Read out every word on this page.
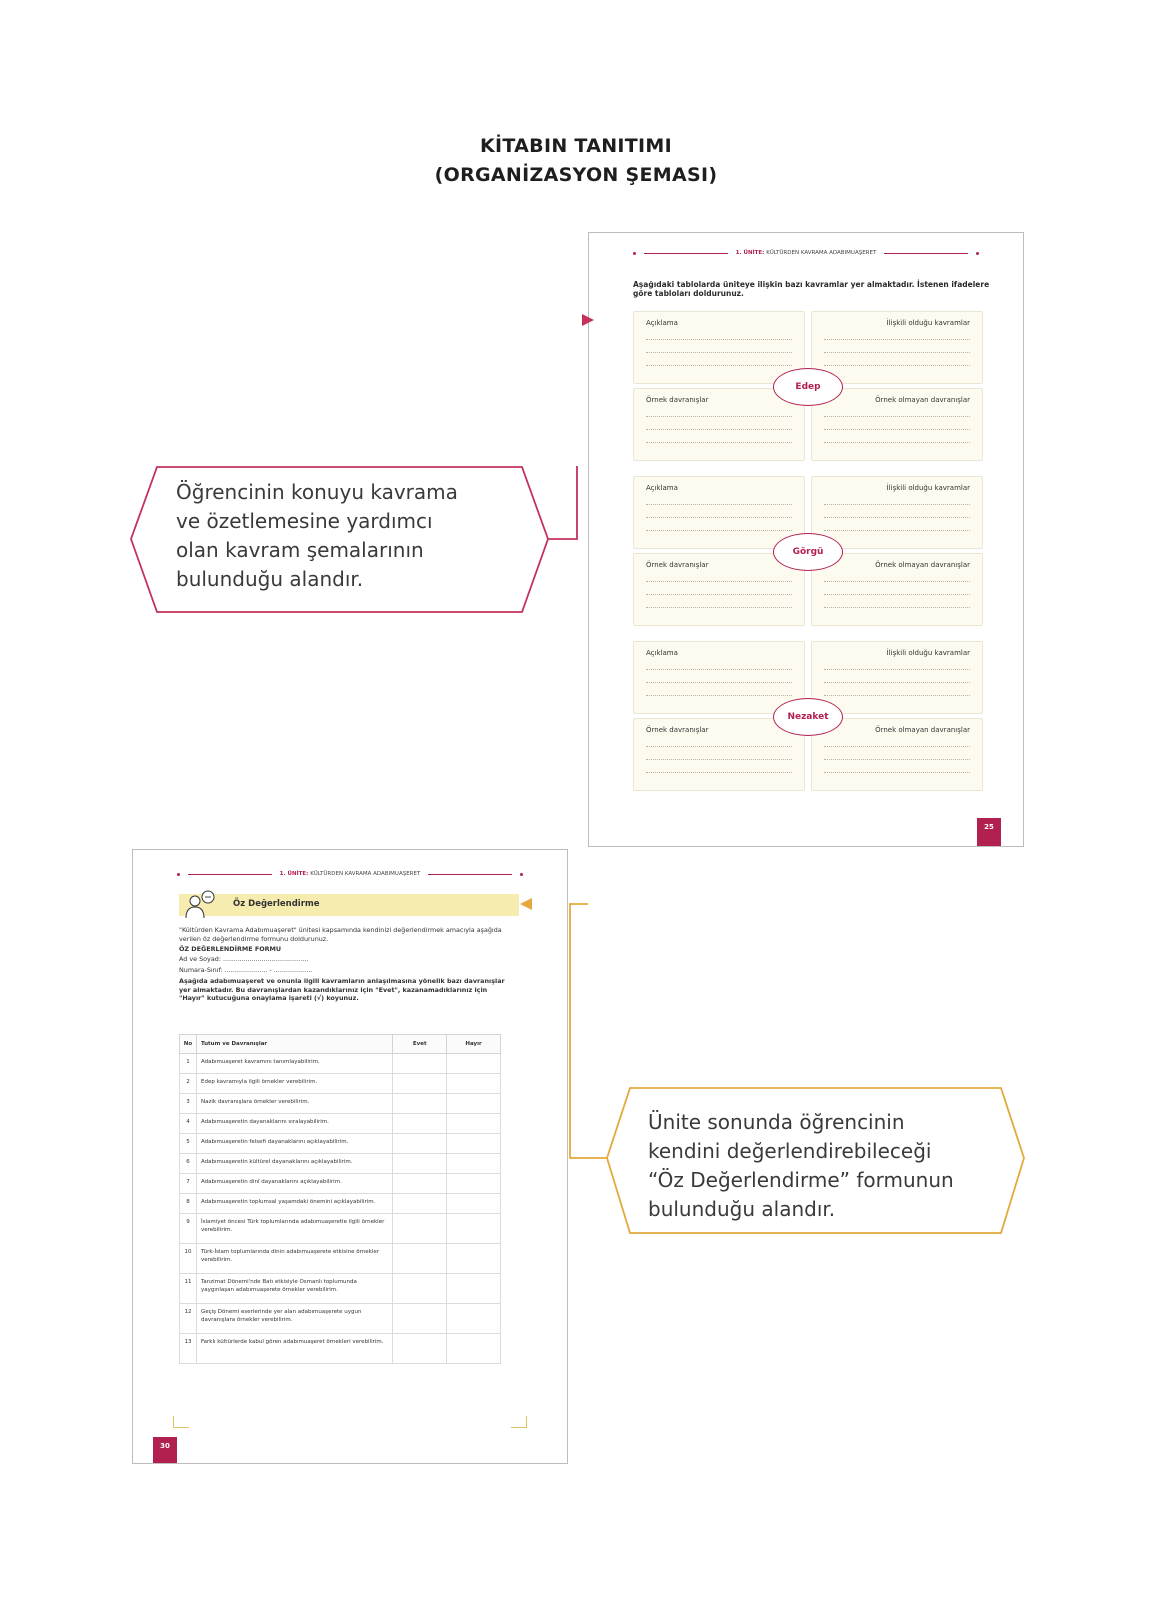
KİTABIN TANITIMI
(ORGANİZASYON ŞEMASI)
1. ÜNİTE: KÜLTÜRDEN KAVRAMA ADABIMUAŞERET
Aşağıdaki tablolarda üniteye ilişkin bazı kavramlar yer almaktadır. İstenen ifadelere göre tabloları doldurunuz.
Açıklama	İlişkili olduğu kavramlar
Örnek davranışlar	Örnek olmayan davranışlar
Edep
Açıklama	İlişkili olduğu kavramlar
Örnek davranışlar	Örnek olmayan davranışlar
Görgü
Açıklama	İlişkili olduğu kavramlar
Örnek davranışlar	Örnek olmayan davranışlar
Nezaket
25
Öğrencinin konuyu kavrama
ve özetlemesine yardımcı
olan kavram şemalarının
bulunduğu alandır.
1. ÜNİTE: KÜLTÜRDEN KAVRAMA ADABIMUAŞERET
Öz Değerlendirme
"Kültürden Kavrama Adabımuaşeret" ünitesi kapsamında kendinizi değerlendirmek amacıyla aşağıda verilen öz değerlendirme formunu doldurunuz.
ÖZ DEĞERLENDİRME FORMU
Ad ve Soyad: ..........................................
Numara-Sınıf: ..................... - ...................
Aşağıda adabımuaşeret ve onunla ilgili kavramların anlaşılmasına yönelik bazı davranışlar yer almaktadır. Bu davranışlardan kazandıklarınız için "Evet", kazanamadıklarınız için "Hayır" kutucuğuna onaylama işareti (√) koyunuz.
No	Tutum ve Davranışlar	Evet	Hayır
1	Adabımuaşeret kavramını tanımlayabilirim.		
2	Edep kavramıyla ilgili örnekler verebilirim.		
3	Nazik davranışlara örnekler verebilirim.		
4	Adabımuaşeretin dayanaklarını sıralayabilirim.		
5	Adabımuaşeretin felsefi dayanaklarını açıklayabilirim.		
6	Adabımuaşeretin kültürel dayanaklarını açıklayabilirim.		
7	Adabımuaşeretin dinî dayanaklarını açıklayabilirim.		
8	Adabımuaşeretin toplumsal yaşamdaki önemini açıklayabilirim.		
9	İslamiyet öncesi Türk toplumlarında adabımuaşeretle ilgili örnekler verebilirim.		
10	Türk-İslam toplumlarında dinin adabımuaşerete etkisine örnekler verebilirim.		
11	Tanzimat Dönemi'nde Batı etkisiyle Osmanlı toplumunda yaygınlaşan adabımuaşerete örnekler verebilirim.		
12	Geçiş Dönemi eserlerinde yer alan adabımuaşerete uygun davranışlara örnekler verebilirim.		
13	Farklı kültürlerde kabul gören adabımuaşeret örnekleri verebilirim.		
30
Ünite sonunda öğrencinin
kendini değerlendirebileceği
“Öz Değerlendirme” formunun
bulunduğu alandır.
